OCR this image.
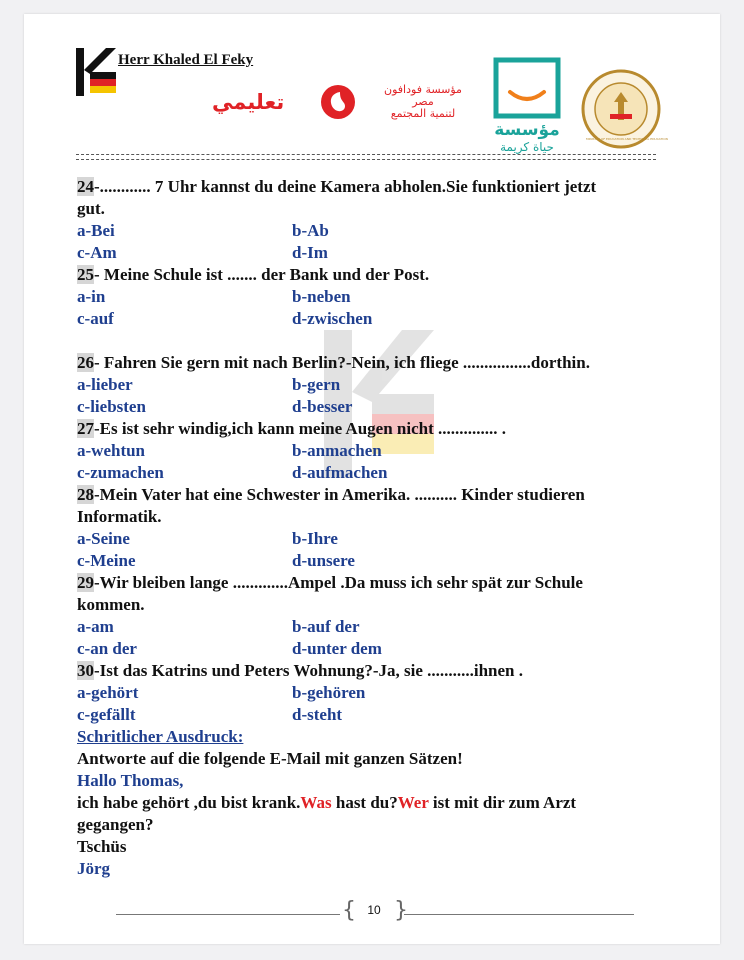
Herr Khaled El Feky
تعليمي
مؤسسة فودافون
مصر
لتنمية المجتمع
مؤسسة
حياة كريمة
MINISTRY OF EDUCATION AND TECHNICAL EDUCATION
24-............ 7 Uhr kannst du deine Kamera abholen.Sie funktioniert jetzt
gut.
a-Bei	b-Ab
c-Am	d-Im
25- Meine Schule ist ....... der Bank und der Post.
a-in	b-neben
c-auf	d-zwischen
26- Fahren Sie gern mit nach Berlin?-Nein, ich fliege ................dorthin.
a-lieber	b-gern
c-liebsten	d-besser
27-Es ist sehr windig,ich kann meine Augen nicht .............. .
a-wehtun	b-anmachen
c-zumachen	d-aufmachen
28-Mein Vater hat eine Schwester in Amerika. .......... Kinder studieren
Informatik.
a-Seine	b-Ihre
c-Meine	d-unsere
29-Wir bleiben lange .............Ampel .Da muss ich sehr spät zur Schule
kommen.
a-am	b-auf der
c-an der	d-unter dem
30-Ist das Katrins und Peters Wohnung?-Ja, sie ...........ihnen .
a-gehört	b-gehören
c-gefällt	d-steht
Schritlicher Ausdruck:
Antworte auf die folgende E-Mail mit ganzen Sätzen!
Hallo Thomas,
ich habe gehört ,du bist krank.Was hast du?Wer ist mit dir zum Arzt
gegangen?
Tschüs
Jörg
{ 10 }
